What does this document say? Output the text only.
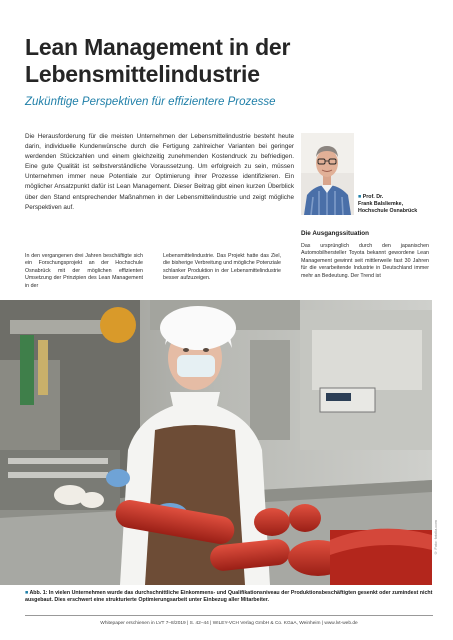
Lean Management in der
Lebensmittelindustrie
Zukünftige Perspektiven für effizientere Prozesse
Die Herausforderung für die meisten Unternehmen der Lebensmittelindustrie besteht heute darin, individuelle Kundenwünsche durch die Fertigung zahlreicher Varianten bei geringer werdenden Stückzahlen und einem gleichzeitig zunehmenden Kostendruck zu befriedigen. Eine gute Qualität ist selbstverständliche Voraussetzung. Um erfolgreich zu sein, müssen Unternehmen immer neue Potentiale zur Optimierung ihrer Prozesse identifizieren. Ein möglicher Ansatzpunkt dafür ist Lean Management. Dieser Beitrag gibt einen kurzen Überblick über den Stand entsprechender Maßnahmen in der Lebensmittelindustrie und zeigt mögliche Perspektiven auf.
■ Prof. Dr.
Frank Balsliemke,
Hochschule Osnabrück
Die Ausgangssituation
In den vergangenen drei Jahren beschäftigte sich ein Forschungsprojekt an der Hochschule Osnabrück mit der möglichen effizienten Umsetzung der Prinzipien des Lean Management in der
Lebensmittelindustrie. Das Projekt hatte das Ziel, die bisherige Verbreitung und mögliche Potenziale schlanker Produktion in der Lebensmittelindustrie besser aufzuzeigen.
Das ursprünglich durch den japanischen Automobilhersteller Toyota bekannt gewordene Lean Management gewinnt seit mittlerweile fast 30 Jahren für die verarbeitende Industrie in Deutschland immer mehr an Bedeutung. Der Trend ist
© Foto: fotolia.com
■ Abb. 1: In vielen Unternehmen wurde das durchschnittliche Einkommens- und Qualifikationsniveau der Produktionsbeschäftigten gesenkt oder zumindest nicht ausgebaut. Dies erschwert eine strukturierte Optimierungsarbeit unter Einbezug aller Mitarbeiter.
Whitepaper erschienen in LVT 7–8/2019 | S. 42–44 | WILEY-VCH Verlag GmbH & Co. KGaA, Weinheim | www.lvt-web.de
